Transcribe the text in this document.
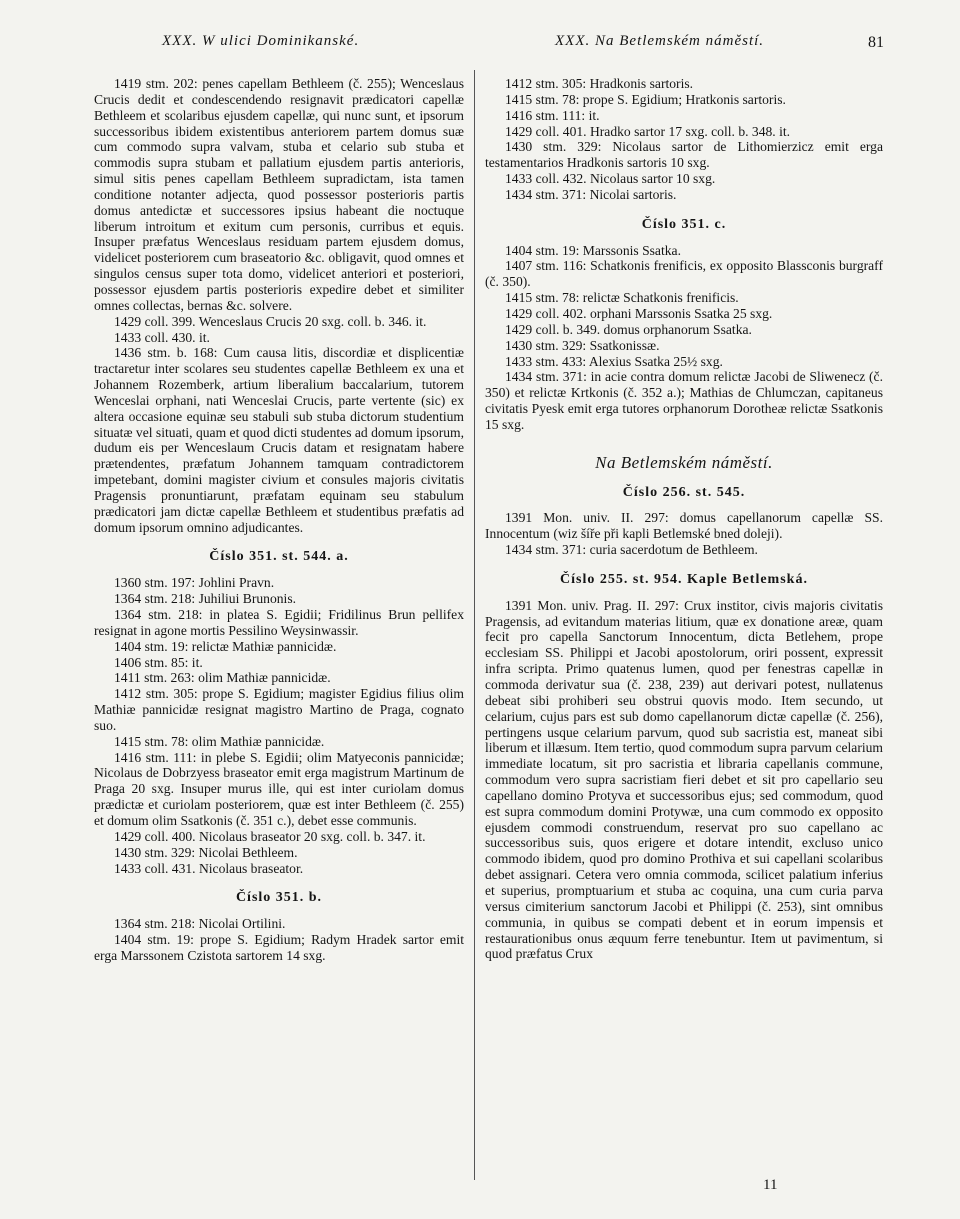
XXX. W ulici Dominikanské.	XXX. Na Betlemském náměstí.	81

1419 stm. 202: penes capellam Bethleem (č. 255); Wenceslaus Crucis dedit et condescendendo resignavit prædicatori capellæ Bethleem et scolaribus ejusdem capellæ, qui nunc sunt, et ipsorum successoribus ibidem existentibus anteriorem partem domus suæ cum commodo supra valvam, stuba et celario sub stuba et commodis supra stubam et pallatium ejusdem partis anterioris, simul sitis penes capellam Bethleem supradictam, ista tamen conditione notanter adjecta, quod possessor posterioris partis domus antedictæ et successores ipsius habeant die noctuque liberum introitum et exitum cum personis, curribus et equis. Insuper præfatus Wenceslaus residuam partem ejusdem domus, videlicet posteriorem cum braseatorio &c. obligavit, quod omnes et singulos census super tota domo, videlicet anteriori et posteriori, possessor ejusdem partis posterioris expedire debet et similiter omnes collectas, bernas &c. solvere.

1429 coll. 399. Wenceslaus Crucis 20 sxg. coll. b. 346. it.

1433 coll. 430. it.

1436 stm. b. 168: Cum causa litis, discordiæ et displicentiæ tractaretur inter scolares seu studentes capellæ Bethleem ex una et Johannem Rozemberk, artium liberalium baccalarium, tutorem Wenceslai orphani, nati Wenceslai Crucis, parte vertente (sic) ex altera occasione equinæ seu stabuli sub stuba dictorum studentium situatæ vel situati, quam et quod dicti studentes ad domum ipsorum, dudum eis per Wenceslaum Crucis datam et resignatam habere prætendentes, præfatum Johannem tamquam contradictorem impetebant, domini magister civium et consules majoris civitatis Pragensis pronuntiarunt, præfatam equinam seu stabulum prædicatori jam dictæ capellæ Bethleem et studentibus præfatis ad domum ipsorum omnino adjudicantes.

Číslo 351. st. 544. a.

1360 stm. 197: Johlini Pravn.

1364 stm. 218: Juhiliui Brunonis.

1364 stm. 218: in platea S. Egidii; Fridilinus Brun pellifex resignat in agone mortis Pessilino Weysinwassir.

1404 stm. 19: relictæ Mathiæ pannicidæ.

1406 stm. 85: it.

1411 stm. 263: olim Mathiæ pannicidæ.

1412 stm. 305: prope S. Egidium; magister Egidius filius olim Mathiæ pannicidæ resignat magistro Martino de Praga, cognato suo.

1415 stm. 78: olim Mathiæ pannicidæ.

1416 stm. 111: in plebe S. Egidii; olim Matyeconis pannicidæ; Nicolaus de Dobrzyess braseator emit erga magistrum Martinum de Praga 20 sxg. Insuper murus ille, qui est inter curiolam domus prædictæ et curiolam posteriorem, quæ est inter Bethleem (č. 255) et domum olim Ssatkonis (č. 351 c.), debet esse communis.

1429 coll. 400. Nicolaus braseator 20 sxg. coll. b. 347. it.

1430 stm. 329: Nicolai Bethleem.

1433 coll. 431. Nicolaus braseator.

Číslo 351. b.

1364 stm. 218: Nicolai Ortilini.

1404 stm. 19: prope S. Egidium; Radym Hradek sartor emit erga Marssonem Czistota sartorem 14 sxg.

1412 stm. 305: Hradkonis sartoris.

1415 stm. 78: prope S. Egidium; Hratkonis sartoris.

1416 stm. 111: it.

1429 coll. 401. Hradko sartor 17 sxg. coll. b. 348. it.

1430 stm. 329: Nicolaus sartor de Lithomierzicz emit erga testamentarios Hradkonis sartoris 10 sxg.

1433 coll. 432. Nicolaus sartor 10 sxg.

1434 stm. 371: Nicolai sartoris.

Číslo 351. c.

1404 stm. 19: Marssonis Ssatka.

1407 stm. 116: Schatkonis frenificis, ex opposito Blassconis burgraff (č. 350).

1415 stm. 78: relictæ Schatkonis frenificis.

1429 coll. 402. orphani Marssonis Ssatka 25 sxg.

1429 coll. b. 349. domus orphanorum Ssatka.

1430 stm. 329: Ssatkonissæ.

1433 stm. 433: Alexius Ssatka 25½ sxg.

1434 stm. 371: in acie contra domum relictæ Jacobi de Sliwenecz (č. 350) et relictæ Krtkonis (č. 352 a.); Mathias de Chlumczan, capitaneus civitatis Pyesk emit erga tutores orphanorum Dorotheæ relictæ Ssatkonis 15 sxg.

Na Betlemském náměstí.
Číslo 256. st. 545.

1391 Mon. univ. II. 297: domus capellanorum capellæ SS. Innocentum (wiz šíře při kapli Betlemské bned doleji).

1434 stm. 371: curia sacerdotum de Bethleem.

Číslo 255. st. 954. Kaple Betlemská.

1391 Mon. univ. Prag. II. 297: Crux institor, civis majoris civitatis Pragensis, ad evitandum materias litium, quæ ex donatione areæ, quam fecit pro capella Sanctorum Innocentum, dicta Betlehem, prope ecclesiam SS. Philippi et Jacobi apostolorum, oriri possent, expressit infra scripta. Primo quatenus lumen, quod per fenestras capellæ in commoda derivatur sua (č. 238, 239) aut derivari potest, nullatenus debeat sibi prohiberi seu obstrui quovis modo. Item secundo, ut celarium, cujus pars est sub domo capellanorum dictæ capellæ (č. 256), pertingens usque celarium parvum, quod sub sacristia est, maneat sibi liberum et illæsum. Item tertio, quod commodum supra parvum celarium immediate locatum, sit pro sacristia et libraria capellanis commune, commodum vero supra sacristiam fieri debet et sit pro capellario seu capellano domino Protyva et successoribus ejus; sed commodum, quod est supra commodum domini Protywæ, una cum commodo ex opposito ejusdem commodi construendum, reservat pro suo capellano ac successoribus suis, quos erigere et dotare intendit, excluso unico commodo ibidem, quod pro domino Prothiva et sui capellani scolaribus debet assignari. Cetera vero omnia commoda, scilicet palatium inferius et superius, promptuarium et stuba ac coquina, una cum curia parva versus cimiterium sanctorum Jacobi et Philippi (č. 253), sint omnibus communia, in quibus se compati debent et in eorum impensis et restaurationibus onus æquum ferre tenebuntur. Item ut pavimentum, si quod præfatus Crux

11
